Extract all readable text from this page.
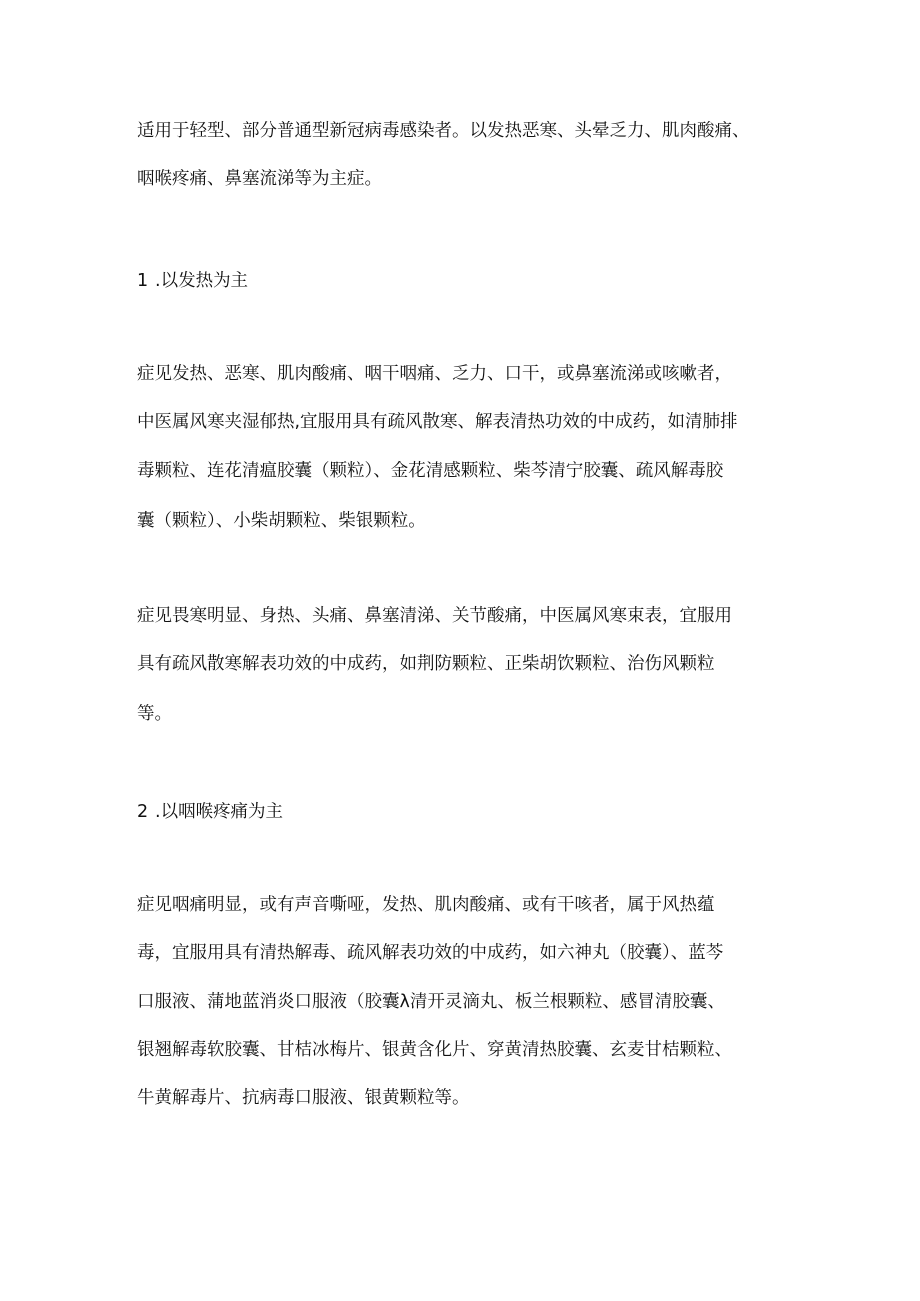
适用于轻型、部分普通型新冠病毒感染者。以发热恶寒、头晕乏力、肌肉酸痛、
咽喉疼痛、鼻塞流涕等为主症。
1 .以发热为主
症见发热、恶寒、肌肉酸痛、咽干咽痛、乏力、口干，或鼻塞流涕或咳嗽者，
中医属风寒夹湿郁热,宜服用具有疏风散寒、解表清热功效的中成药，如清肺排
毒颗粒、连花清瘟胶囊（颗粒）、金花清感颗粒、柴芩清宁胶囊、疏风解毒胶
囊（颗粒）、小柴胡颗粒、柴银颗粒。
症见畏寒明显、身热、头痛、鼻塞清涕、关节酸痛，中医属风寒束表，宜服用
具有疏风散寒解表功效的中成药，如荆防颗粒、正柴胡饮颗粒、治伤风颗粒
等。
2 .以咽喉疼痛为主
症见咽痛明显，或有声音嘶哑，发热、肌肉酸痛、或有干咳者，属于风热蕴
毒，宜服用具有清热解毒、疏风解表功效的中成药，如六神丸（胶囊）、蓝芩
口服液、蒲地蓝消炎口服液（胶囊λ清开灵滴丸、板兰根颗粒、感冒清胶囊、
银翘解毒软胶囊、甘桔冰梅片、银黄含化片、穿黄清热胶囊、玄麦甘桔颗粒、
牛黄解毒片、抗病毒口服液、银黄颗粒等。
